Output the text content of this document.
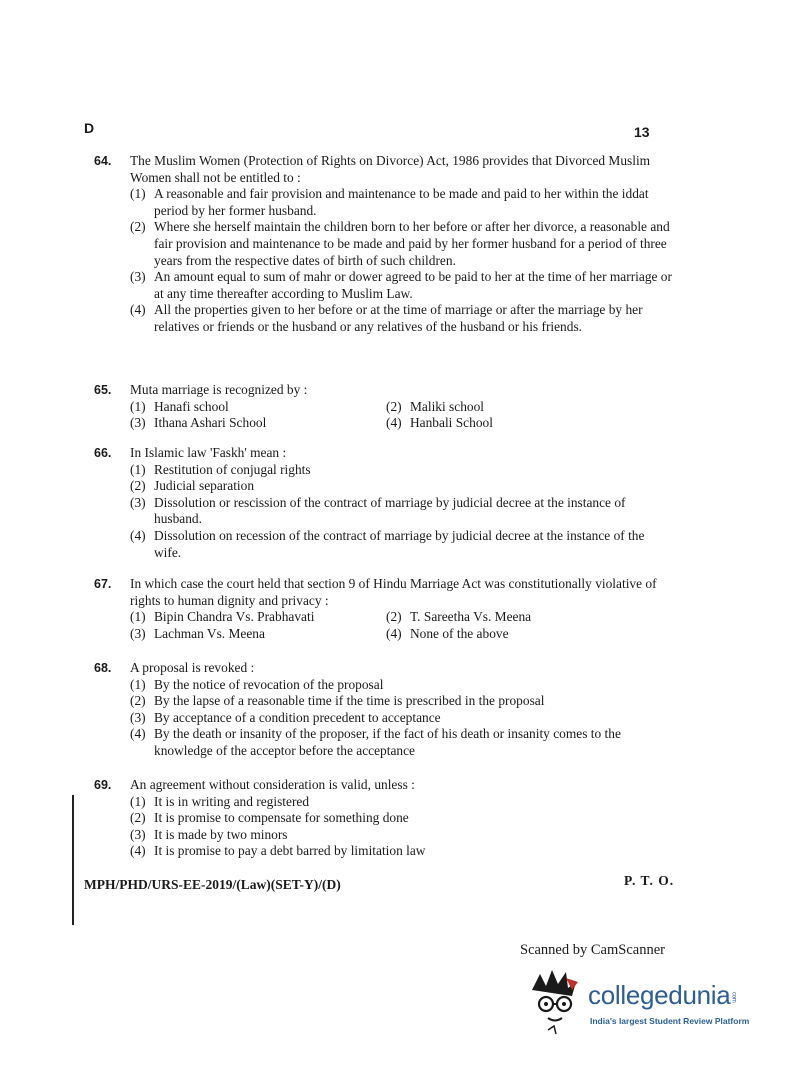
D	13
64. The Muslim Women (Protection of Rights on Divorce) Act, 1986 provides that Divorced Muslim Women shall not be entitled to :
(1) A reasonable and fair provision and maintenance to be made and paid to her within the iddat period by her former husband.
(2) Where she herself maintain the children born to her before or after her divorce, a reasonable and fair provision and maintenance to be made and paid by her former husband for a period of three years from the respective dates of birth of such children.
(3) An amount equal to sum of mahr or dower agreed to be paid to her at the time of her marriage or at any time thereafter according to Muslim Law.
(4) All the properties given to her before or at the time of marriage or after the marriage by her relatives or friends or the husband or any relatives of the husband or his friends.
65. Muta marriage is recognized by :
(1) Hanafi school	(2) Maliki school
(3) Ithana Ashari School	(4) Hanbali School
66. In Islamic law 'Faskh' mean :
(1) Restitution of conjugal rights
(2) Judicial separation
(3) Dissolution or rescission of the contract of marriage by judicial decree at the instance of husband.
(4) Dissolution on recession of the contract of marriage by judicial decree at the instance of the wife.
67. In which case the court held that section 9 of Hindu Marriage Act was constitutionally violative of rights to human dignity and privacy :
(1) Bipin Chandra Vs. Prabhavati	(2) T. Sareetha Vs. Meena
(3) Lachman Vs. Meena	(4) None of the above
68. A proposal is revoked :
(1) By the notice of revocation of the proposal
(2) By the lapse of a reasonable time if the time is prescribed in the proposal
(3) By acceptance of a condition precedent to acceptance
(4) By the death or insanity of the proposer, if the fact of his death or insanity comes to the knowledge of the acceptor before the acceptance
69. An agreement without consideration is valid, unless :
(1) It is in writing and registered
(2) It is promise to compensate for something done
(3) It is made by two minors
(4) It is promise to pay a debt barred by limitation law
MPH/PHD/URS-EE-2019/(Law)(SET-Y)/(D)	P. T. O.
Scanned by CamScanner
collegeduniacom
India's largest Student Review Platform
